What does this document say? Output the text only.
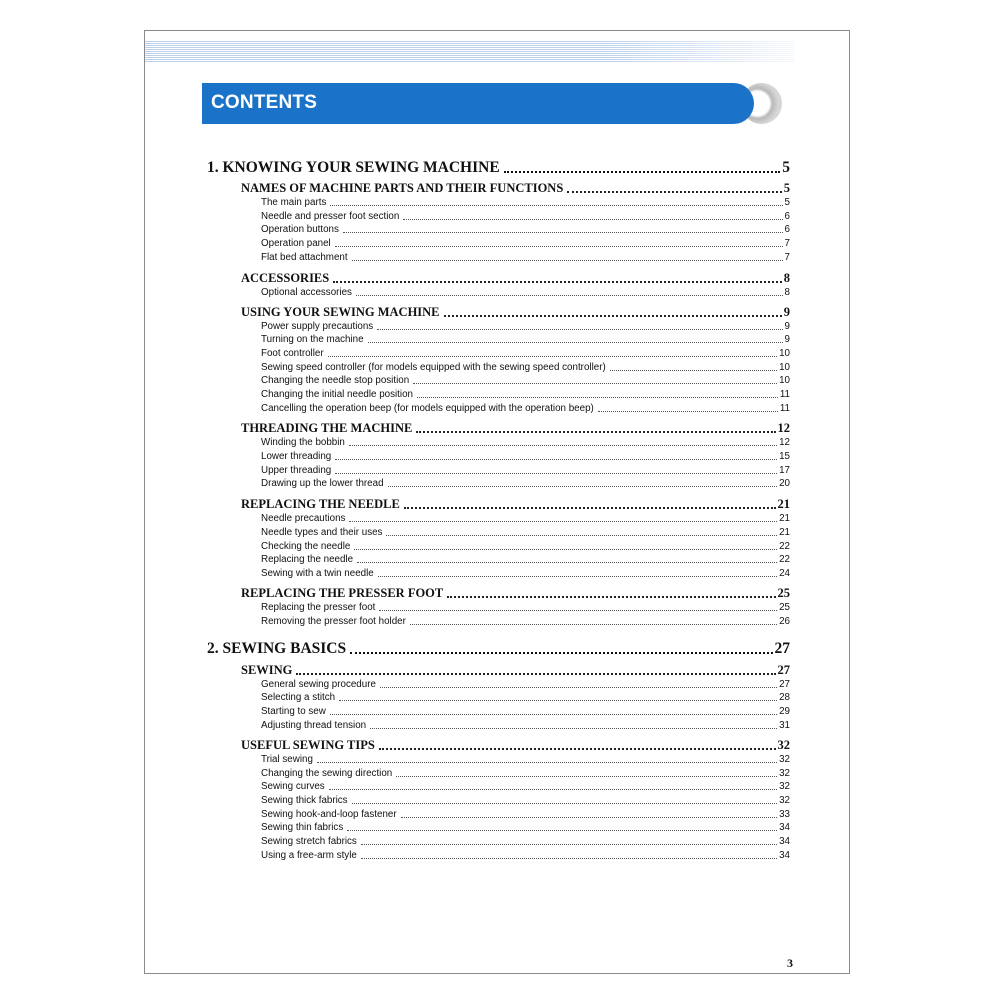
CONTENTS
1. KNOWING YOUR SEWING MACHINE	5
NAMES OF MACHINE PARTS AND THEIR FUNCTIONS	5
The main parts	5
Needle and presser foot section	6
Operation buttons	6
Operation panel	7
Flat bed attachment	7
ACCESSORIES	8
Optional accessories	8
USING YOUR SEWING MACHINE	9
Power supply precautions	9
Turning on the machine	9
Foot controller	10
Sewing speed controller (for models equipped with the sewing speed controller)	10
Changing the needle stop position	10
Changing the initial needle position	11
Cancelling the operation beep (for models equipped with the operation beep)	11
THREADING THE MACHINE	12
Winding the bobbin	12
Lower threading	15
Upper threading	17
Drawing up the lower thread	20
REPLACING THE NEEDLE	21
Needle precautions	21
Needle types and their uses	21
Checking the needle	22
Replacing the needle	22
Sewing with a twin needle	24
REPLACING THE PRESSER FOOT	25
Replacing the presser foot	25
Removing the presser foot holder	26
2. SEWING BASICS	27
SEWING	27
General sewing procedure	27
Selecting a stitch	28
Starting to sew	29
Adjusting thread tension	31
USEFUL SEWING TIPS	32
Trial sewing	32
Changing the sewing direction	32
Sewing curves	32
Sewing thick fabrics	32
Sewing hook-and-loop fastener	33
Sewing thin fabrics	34
Sewing stretch fabrics	34
Using a free-arm style	34
3
